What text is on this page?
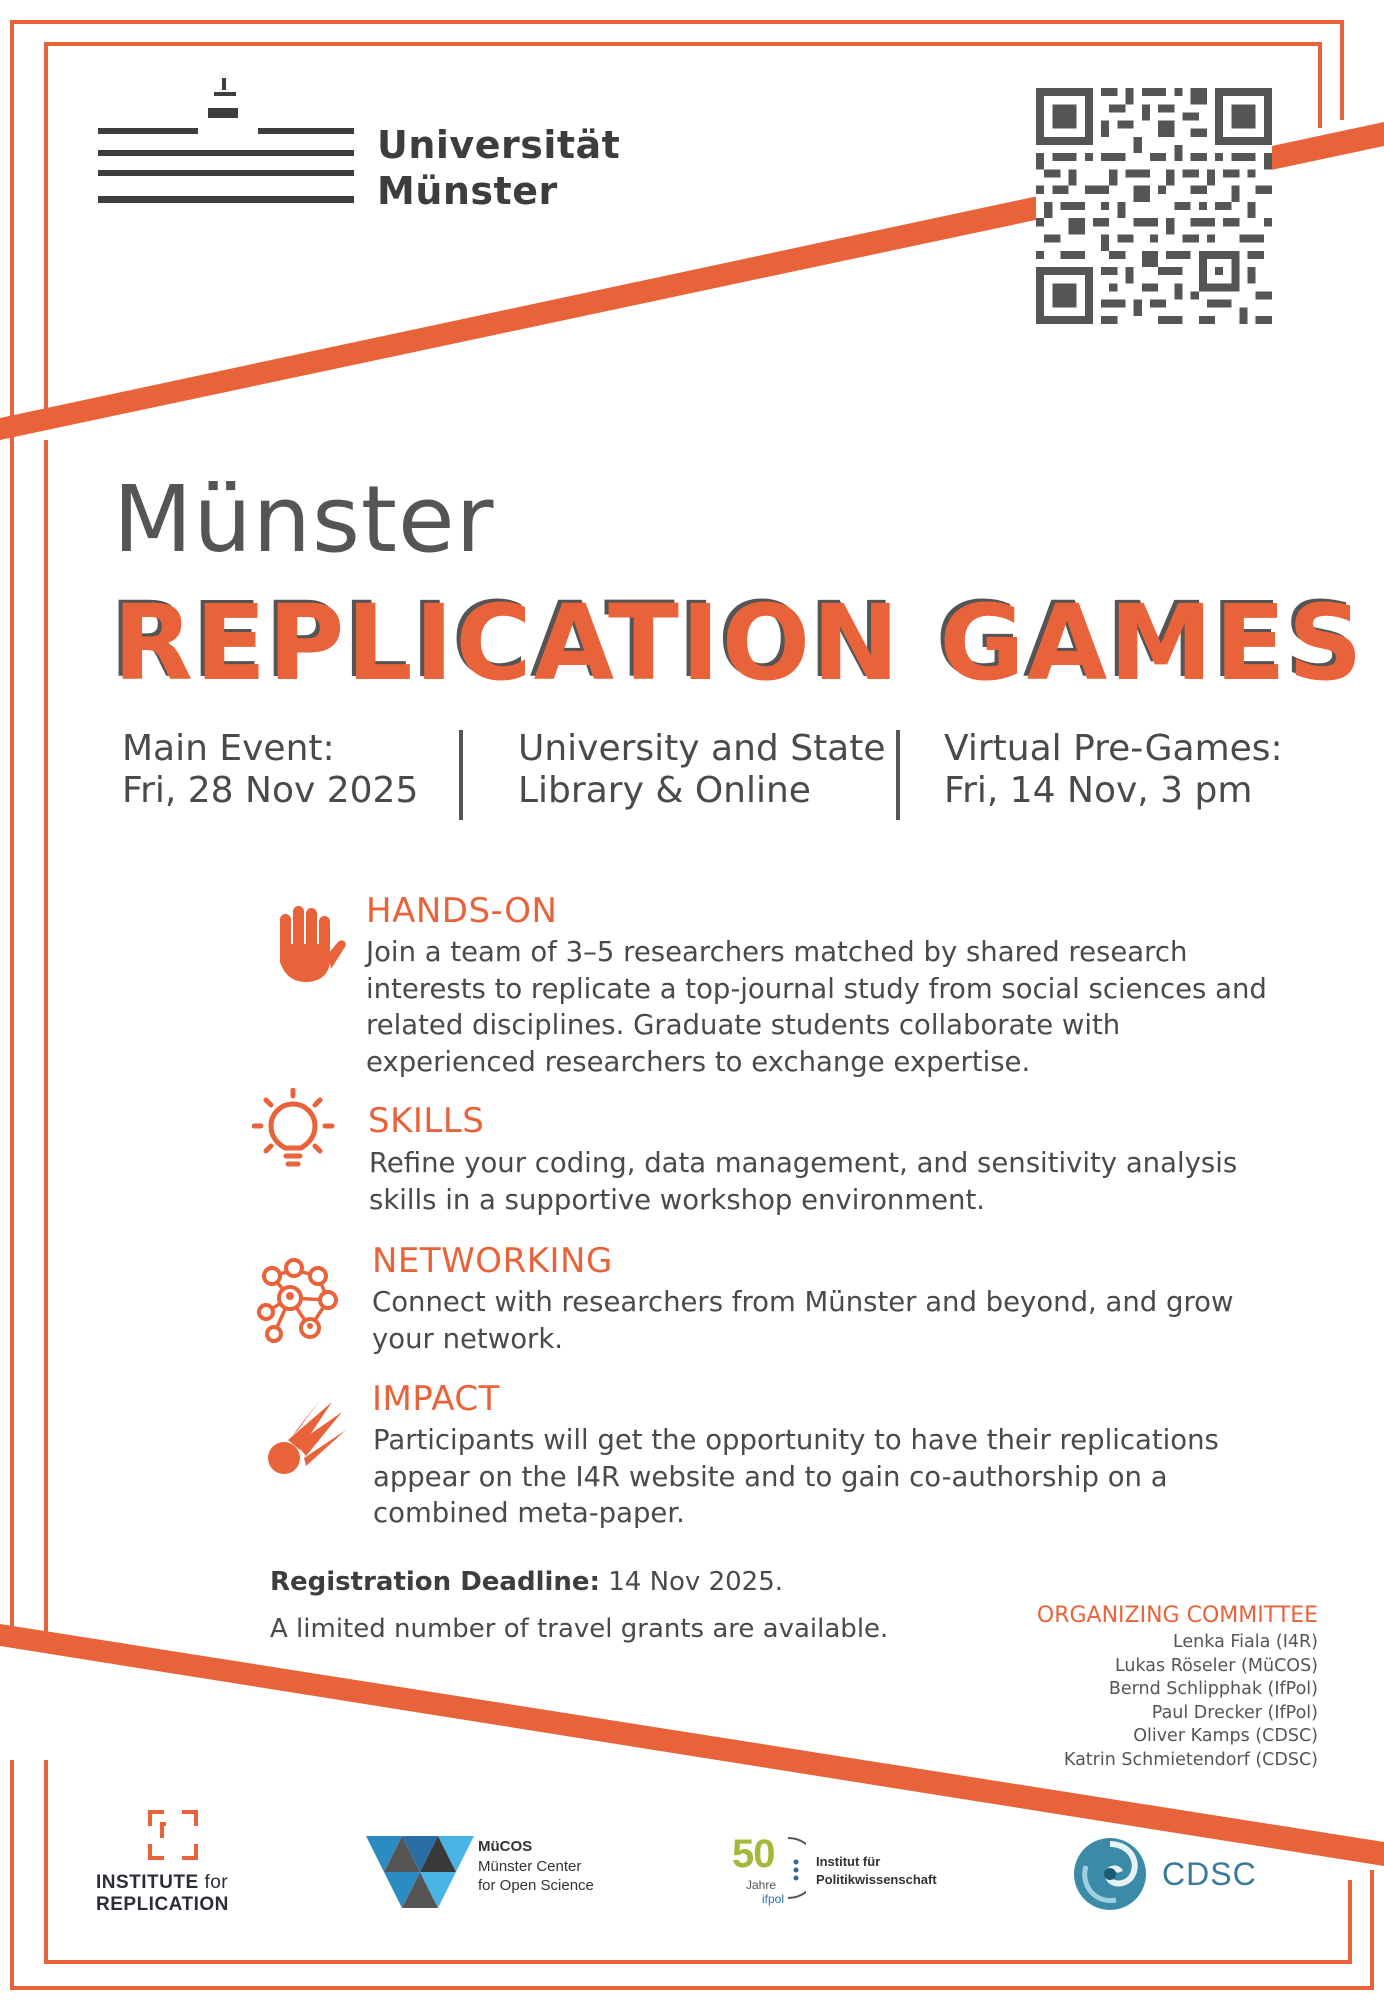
Universität
Münster
Münster
REPLICATION GAMES
Main Event:
Fri, 28 Nov 2025
University and State
Library & Online
Virtual Pre-Games:
Fri, 14 Nov, 3 pm
HANDS-ON
Join a team of 3–5 researchers matched by shared research
interests to replicate a top-journal study from social sciences and
related disciplines. Graduate students collaborate with
experienced researchers to exchange expertise.
SKILLS
Refine your coding, data management, and sensitivity analysis
skills in a supportive workshop environment.
NETWORKING
Connect with researchers from Münster and beyond, and grow
your network.
IMPACT
Participants will get the opportunity to have their replications
appear on the I4R website and to gain co-authorship on a
combined meta-paper.
Registration Deadline: 14 Nov 2025.
A limited number of travel grants are available.	ORGANIZING COMMITTEE
Lenka Fiala (I4R)
Lukas Röseler (MüCOS)
Bernd Schlipphak (IfPol)
Paul Drecker (IfPol)
Oliver Kamps (CDSC)
Katrin Schmietendorf (CDSC)
INSTITUTE for
REPLICATION
MüCOS
Münster Center
for Open Science
50
Jahre
ifpol
Institut für
Politikwissenschaft	CDSC
